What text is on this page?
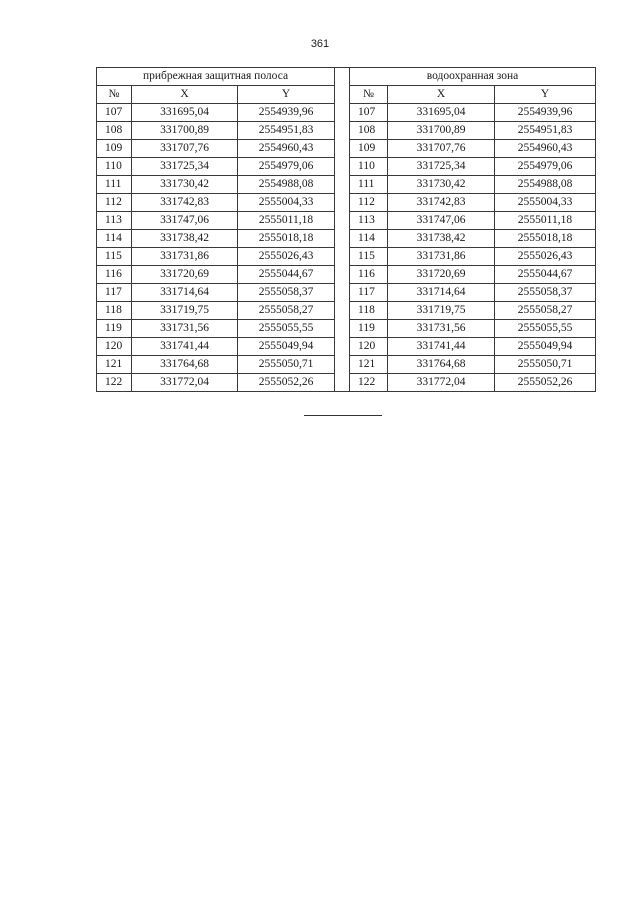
361
прибрежная защитная полоса				водоохранная зона		
№	X	Y		№	X	Y
107	331695,04	2554939,96		107	331695,04	2554939,96
108	331700,89	2554951,83		108	331700,89	2554951,83
109	331707,76	2554960,43		109	331707,76	2554960,43
110	331725,34	2554979,06		110	331725,34	2554979,06
111	331730,42	2554988,08		111	331730,42	2554988,08
112	331742,83	2555004,33		112	331742,83	2555004,33
113	331747,06	2555011,18		113	331747,06	2555011,18
114	331738,42	2555018,18		114	331738,42	2555018,18
115	331731,86	2555026,43		115	331731,86	2555026,43
116	331720,69	2555044,67		116	331720,69	2555044,67
117	331714,64	2555058,37		117	331714,64	2555058,37
118	331719,75	2555058,27		118	331719,75	2555058,27
119	331731,56	2555055,55		119	331731,56	2555055,55
120	331741,44	2555049,94		120	331741,44	2555049,94
121	331764,68	2555050,71		121	331764,68	2555050,71
122	331772,04	2555052,26		122	331772,04	2555052,26
